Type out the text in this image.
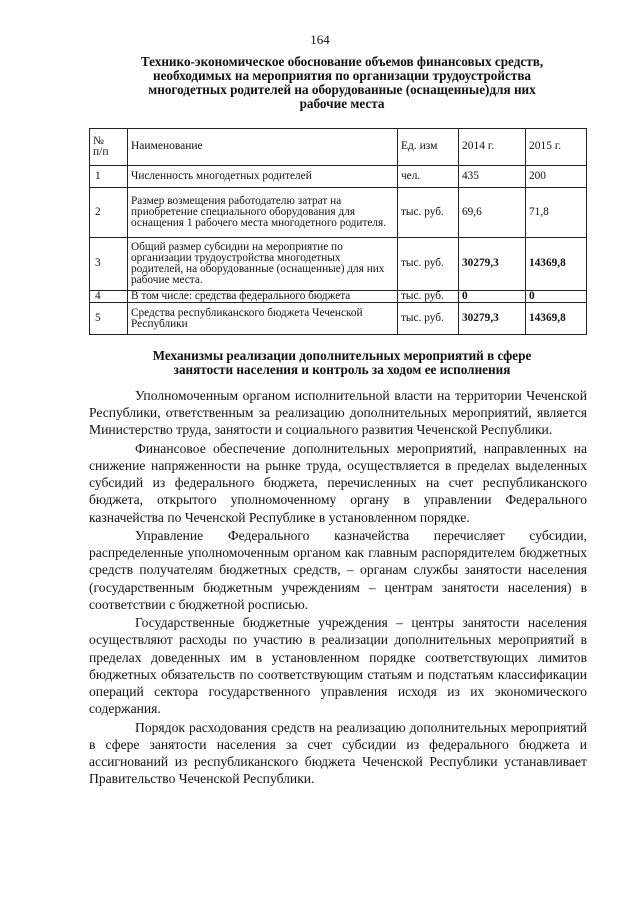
164
Технико-экономическое обоснование объемов финансовых средств,
необходимых на мероприятия по организации трудоустройства
многодетных родителей на оборудованные (оснащенные)для них
рабочие места
№
п/п	Наименование	Ед. изм	2014 г.	2015 г.
1	Численность многодетных родителей	чел.	435	200
2	Размер возмещения работодателю затрат на приобретение специального оборудования для оснащения 1 рабочего места многодетного родителя.	тыс. руб.	69,6	71,8
3	Общий размер субсидии на мероприятие по организации трудоустройства многодетных родителей, на оборудованные (оснащенные) для них рабочие места.	тыс. руб.	30279,3	14369,8
4	В том числе: средства федерального бюджета	тыс. руб.	0	0
5	Средства республиканского бюджета Чеченской Республики	тыс. руб.	30279,3	14369,8
Механизмы реализации дополнительных мероприятий в сфере
занятости населения и контроль за ходом ее исполнения

Уполномоченным органом исполнительной власти на территории Чеченской Республики, ответственным за реализацию дополнительных мероприятий, является Министерство труда, занятости и социального развития Чеченской Республики.

Финансовое обеспечение дополнительных мероприятий, направленных на снижение напряженности на рынке труда, осуществляется в пределах выделенных субсидий из федерального бюджета, перечисленных на счет республиканского бюджета, открытого уполномоченному органу в управлении Федерального казначейства по Чеченской Республике в установленном порядке.

Управление Федерального казначейства перечисляет субсидии, распределенные уполномоченным органом как главным распорядителем бюджетных средств получателям бюджетных средств, – органам службы занятости населения (государственным бюджетным учреждениям – центрам занятости населения) в соответствии с бюджетной росписью.

Государственные бюджетные учреждения – центры занятости населения осуществляют расходы по участию в реализации дополнительных мероприятий в пределах доведенных им в установленном порядке соответствующих лимитов бюджетных обязательств по соответствующим статьям и подстатьям классификации операций сектора государственного управления исходя из их экономического содержания.

Порядок расходования средств на реализацию дополнительных мероприятий в сфере занятости населения за счет субсидии из федерального бюджета и ассигнований из республиканского бюджета Чеченской Республики устанавливает Правительство Чеченской Республики.
